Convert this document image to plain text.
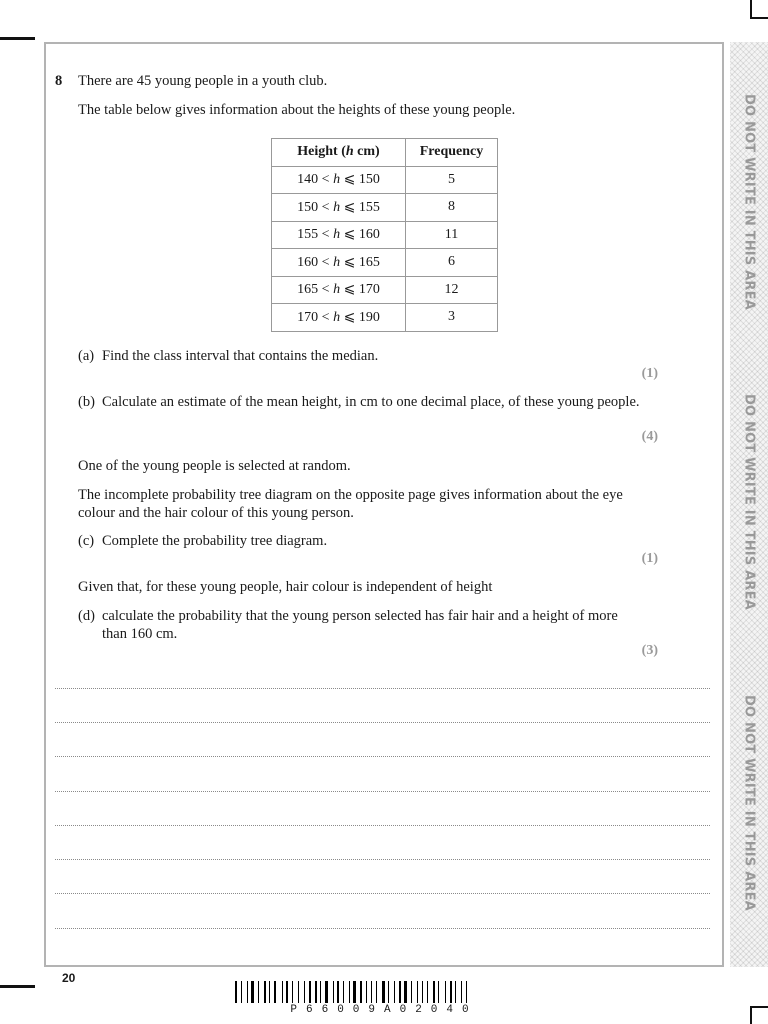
DO NOT WRITE IN THIS AREA
DO NOT WRITE IN THIS AREA
DO NOT WRITE IN THIS AREA
8 There are 45 young people in a youth club.
The table below gives information about the heights of these young people.
Height (h cm)	Frequency
140 < h ⩽ 150	5
150 < h ⩽ 155	8
155 < h ⩽ 160	11
160 < h ⩽ 165	6
165 < h ⩽ 170	12
170 < h ⩽ 190	3
(a) Find the class interval that contains the median.
(1)
(b) Calculate an estimate of the mean height, in cm to one decimal place, of these young people.
(4)
One of the young people is selected at random.
The incomplete probability tree diagram on the opposite page gives information about the eye colour and the hair colour of this young person.
(c) Complete the probability tree diagram.
(1)
Given that, for these young people, hair colour is independent of height
(d) calculate the probability that the young person selected has fair hair and a height of more than 160 cm.
(3)
20
P66009A02040
